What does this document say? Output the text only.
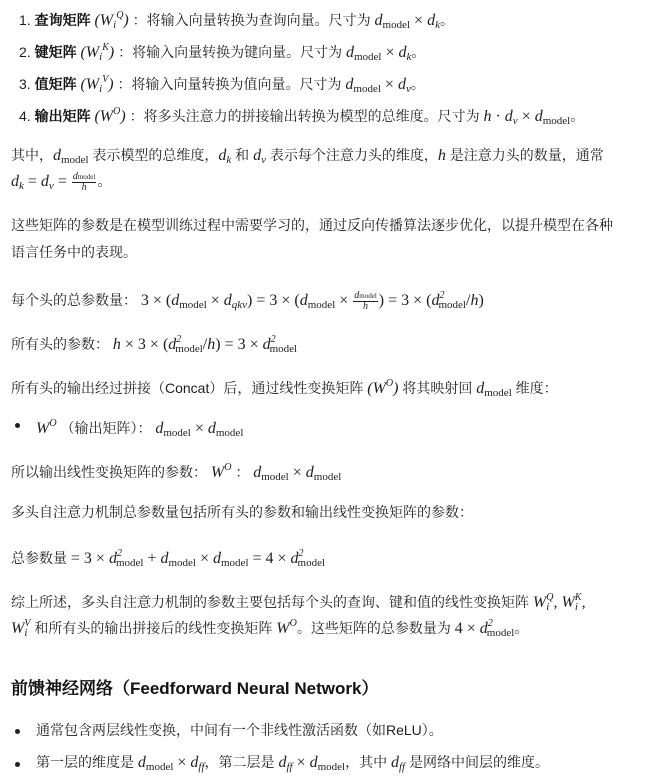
1. 查询矩阵 $(Wi^Q)$ ：将输入向量转换为查询向量。尺寸为 $d_{model}$ × dk。
2. 键矩阵 $(Wi^K)$ ：将输入向量转换为键向量。尺寸为 $d_{model}$ × dk。
3. 值矩阵 $(Wi^V)$ ：将输入向量转换为值向量。尺寸为 $d_{model}$ × dv。
4. 输出矩阵 $(W^O)$ ：将多头注意力的拼接输出转换为模型的总维度。尺寸为 h · dv × $d_{model}$。
其中，$d_{model}$ 表示模型的总维度，dk 和 dv 表示每个注意力头的维度，h 是注意力头的数量，通常
dk = dv = $\frac{\text{dmodel}}{h}$ 。
这些矩阵的参数是在模型训练过程中需要学习的，通过反向传播算法逐步优化，以提升模型在各种
语言任务中的表现。
每个头的总参数量： $3 \times (d_{model}$ × dqkv) = $3 \times (d_{model} \times \frac{\text{dmodel}}{h}$ ) = $3 \times (d^2_{model}/h)$
所有头的参数： $h \times 3 \times (d^2_{model}/h) = 3 \times d^2_{model}$
所有头的输出经过拼接（Concat）后，通过线性变换矩阵 $(W^O)$ 将其映射回 $d_{model}$ 维度：
$W^O$ （输出矩阵）： $d_{model} \times d_{model}$
所以输出线性变换矩阵的参数： $W^O$ ： $d_{model} \times d_{model}$
多头自注意力机制总参数量包括所有头的参数和输出线性变换矩阵的参数：
总参数量 = $3 \times d^2_{model} + d_{model} \times d_{model} = 4 \times d^2_{model}$
综上所述，多头自注意力机制的参数主要包括每个头的查询、键和值的线性变换矩阵 $Wi^Q$, $Wi^K$,
$Wi^V$ 和所有头的输出拼接后的线性变换矩阵 $W^O$。这些矩阵的总参数量为 $4 \times d^2_{model}$。
前馈神经网络（Feedforward Neural Network）
通常包含两层线性变换，中间有一个非线性激活函数（如ReLU）。
第一层的维度是 $d_{model}$ × dff，第二层是 dff × $d_{model}$，其中 dff 是网络中间层的维度。
